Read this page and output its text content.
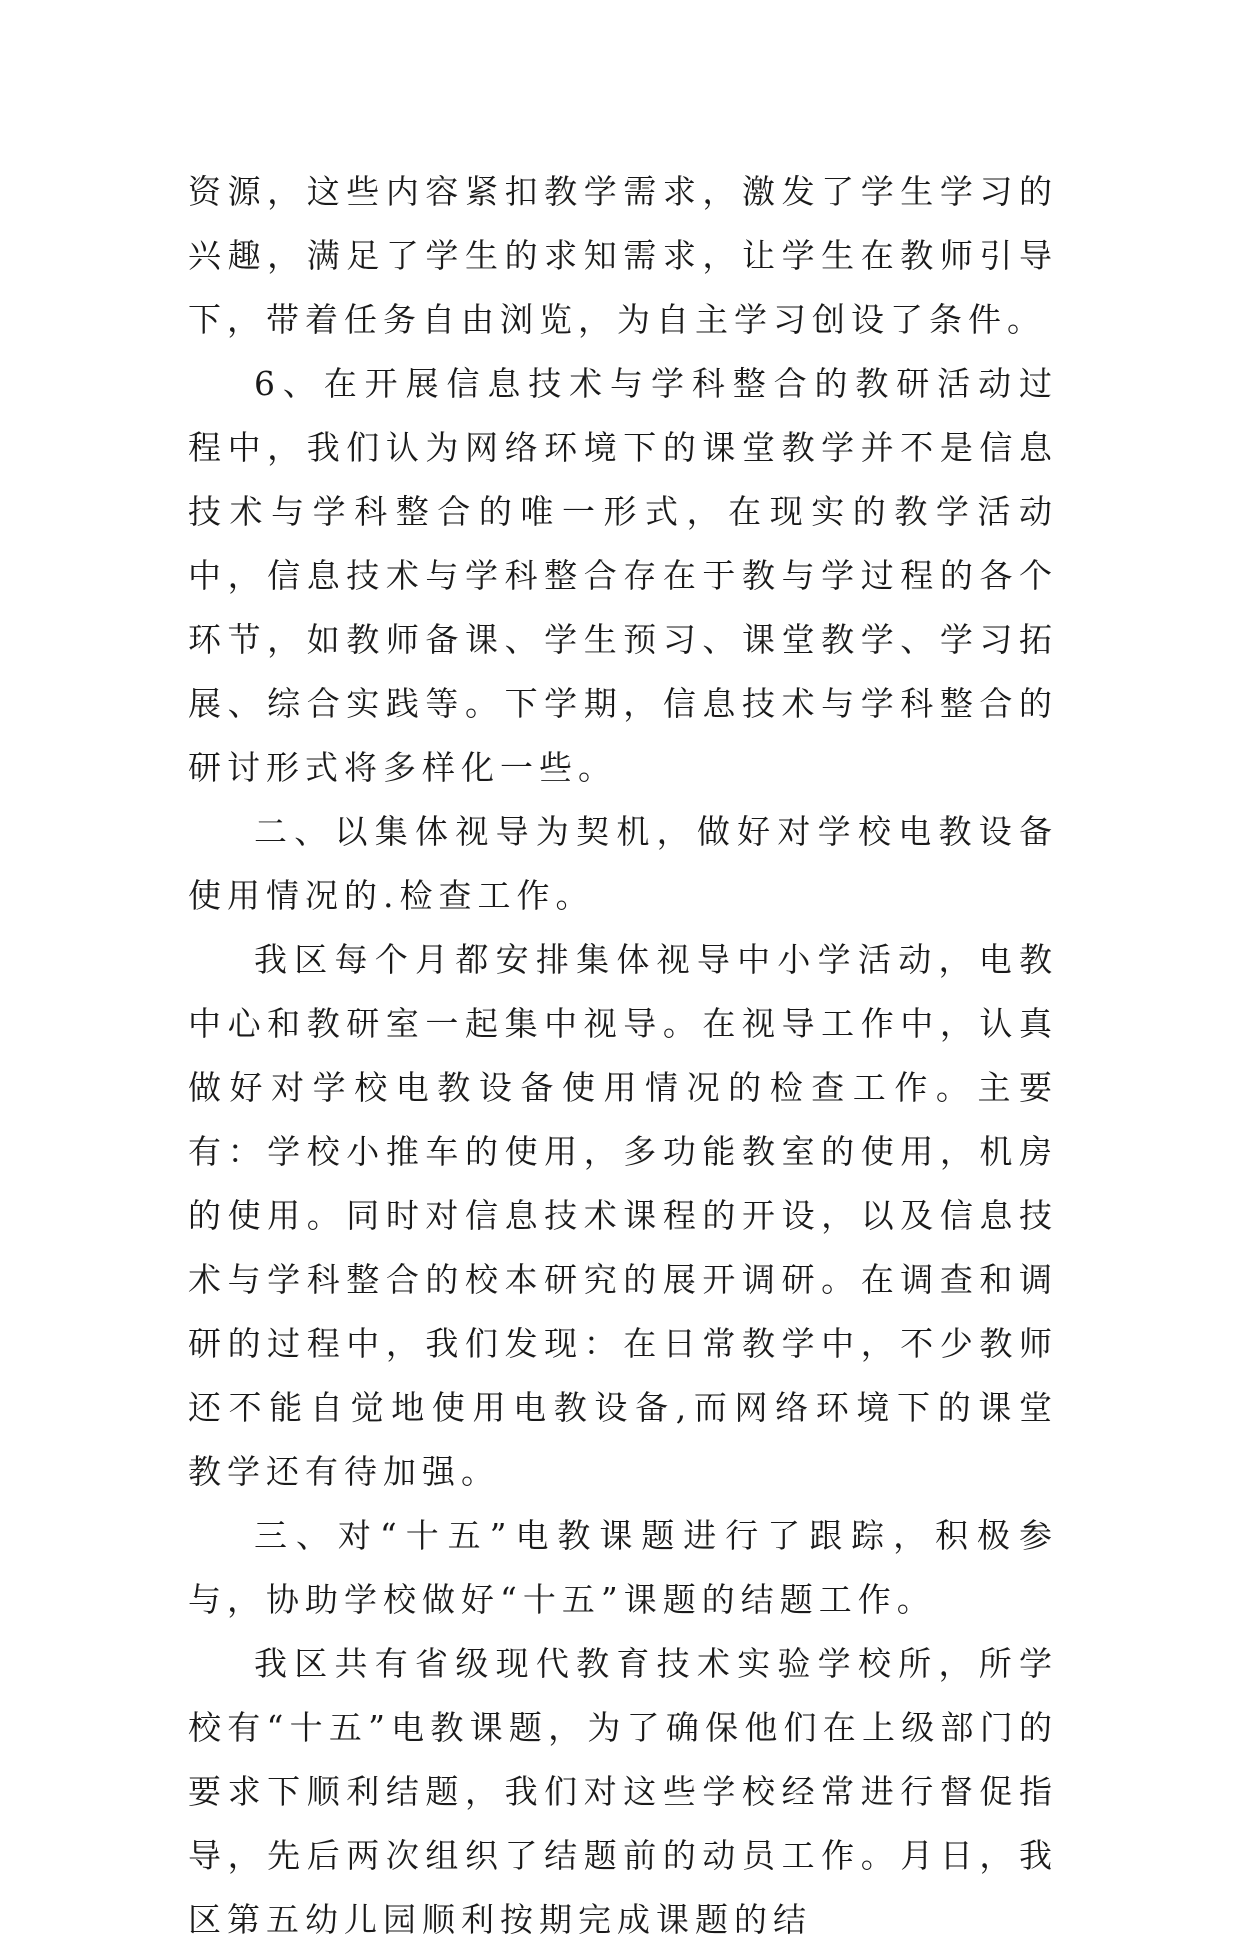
资源，这些内容紧扣教学需求，激发了学生学习的兴趣，满足了学生的求知需求，让学生在教师引导下，带着任务自由浏览，为自主学习创设了条件。

6、在开展信息技术与学科整合的教研活动过程中，我们认为网络环境下的课堂教学并不是信息技术与学科整合的唯一形式，在现实的教学活动中，信息技术与学科整合存在于教与学过程的各个环节，如教师备课、学生预习、课堂教学、学习拓展、综合实践等。下学期，信息技术与学科整合的研讨形式将多样化一些。

二、以集体视导为契机，做好对学校电教设备使用情况的.检查工作。

我区每个月都安排集体视导中小学活动，电教中心和教研室一起集中视导。在视导工作中，认真做好对学校电教设备使用情况的检查工作。主要有：学校小推车的使用，多功能教室的使用，机房的使用。同时对信息技术课程的开设，以及信息技术与学科整合的校本研究的展开调研。在调查和调研的过程中，我们发现：在日常教学中，不少教师还不能自觉地使用电教设备,而网络环境下的课堂教学还有待加强。

三、对“十五”电教课题进行了跟踪，积极参与，协助学校做好“十五”课题的结题工作。

我区共有省级现代教育技术实验学校所，所学校有“十五”电教课题，为了确保他们在上级部门的要求下顺利结题，我们对这些学校经常进行督促指导，先后两次组织了结题前的动员工作。月日，我区第五幼儿园顺利按期完成课题的结
